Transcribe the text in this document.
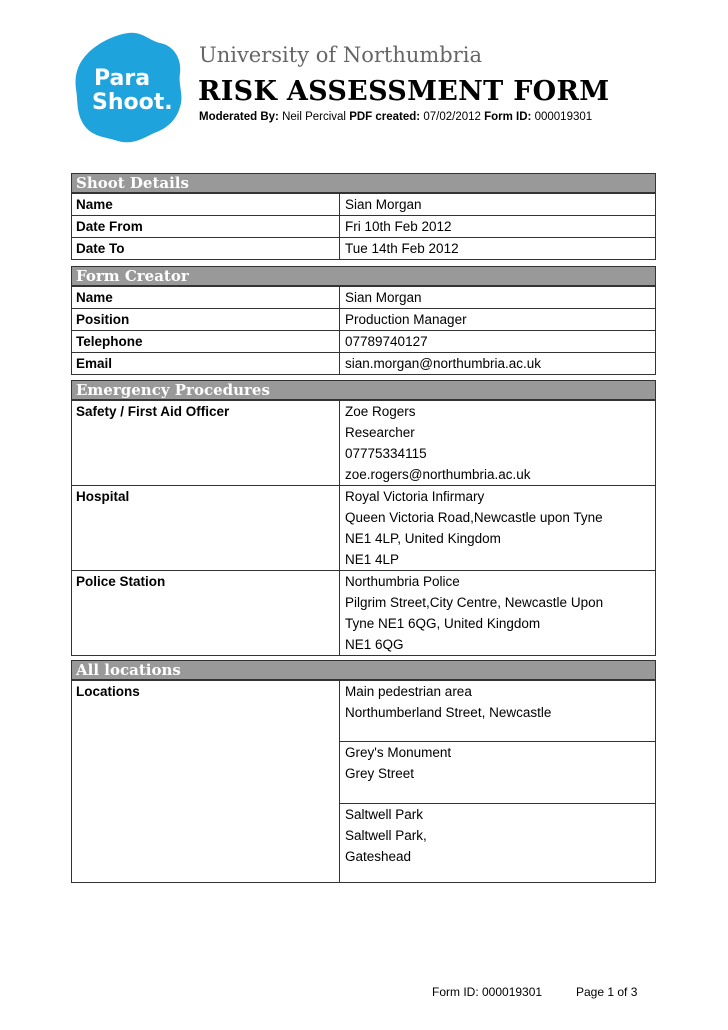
Para
Shoot.
University of Northumbria
RISK ASSESSMENT FORM
Moderated By: Neil Percival PDF created: 07/02/2012 Form ID: 000019301
Shoot Details
Name	Sian Morgan

Date From	Fri 10th Feb 2012

Date To	Tue 14th Feb 2012
Form Creator
Name	Sian Morgan

Position	Production Manager

Telephone	07789740127

Email	sian.morgan@northumbria.ac.uk
Emergency Procedures
Safety / First Aid Officer	Zoe Rogers
Researcher
07775334115
zoe.rogers@northumbria.ac.uk

Hospital	Royal Victoria Infirmary
Queen Victoria Road,Newcastle upon Tyne
NE1 4LP, United Kingdom
NE1 4LP

Police Station	Northumbria Police
Pilgrim Street,City Centre, Newcastle Upon
Tyne NE1 6QG, United Kingdom
NE1 6QG
All locations
Locations	Main pedestrian area
Northumberland Street, Newcastle
Grey's Monument
Grey Street
Saltwell Park
Saltwell Park,
Gateshead
Form ID: 000019301	Page 1 of 3
